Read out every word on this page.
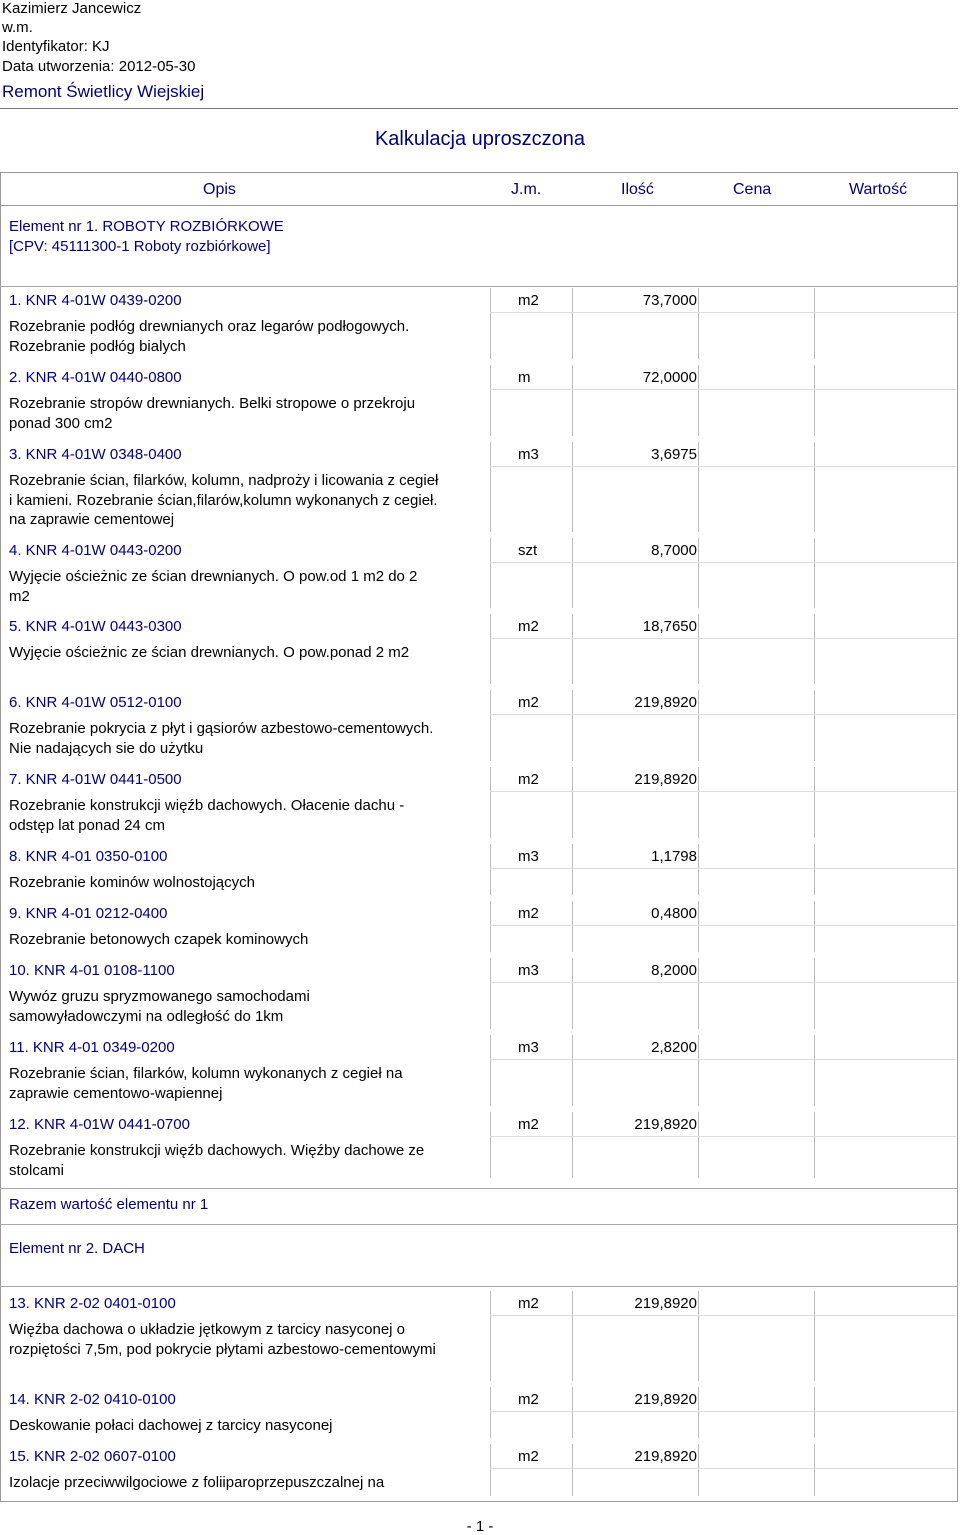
Kazimierz Jancewicz
w.m.
Identyfikator: KJ
Data utworzenia: 2012-05-30
Remont Świetlicy Wiejskiej
Kalkulacja uproszczona
Opis	J.m.	Ilość	Cena	Wartość
Element nr 1. ROBOTY ROZBIÓRKOWE
[CPV: 45111300-1 Roboty rozbiórkowe]
1. KNR 4-01W 0439-0200
Rozebranie podłóg drewnianych oraz legarów podłogowych. Rozebranie podłóg bialych
m2	73,7000
2. KNR 4-01W 0440-0800
Rozebranie stropów drewnianych. Belki stropowe o przekroju ponad 300 cm2
m	72,0000
3. KNR 4-01W 0348-0400
Rozebranie ścian, filarków, kolumn, nadproży i licowania z cegieł i kamieni. Rozebranie ścian,filarów,kolumn wykonanych z cegieł. na zaprawie cementowej
m3	3,6975
4. KNR 4-01W 0443-0200
Wyjęcie ościeżnic ze ścian drewnianych. O pow.od 1 m2 do 2 m2
szt	8,7000
5. KNR 4-01W 0443-0300
Wyjęcie ościeżnic ze ścian drewnianych. O pow.ponad 2 m2
m2	18,7650
6. KNR 4-01W 0512-0100
Rozebranie pokrycia z płyt i gąsiorów azbestowo-cementowych. Nie nadających sie do użytku
m2	219,8920
7. KNR 4-01W 0441-0500
Rozebranie konstrukcji więźb dachowych. Ołacenie dachu - odstęp lat ponad 24 cm
m2	219,8920
8. KNR 4-01 0350-0100
Rozebranie kominów wolnostojących
m3	1,1798
9. KNR 4-01 0212-0400
Rozebranie betonowych czapek kominowych
m2	0,4800
10. KNR 4-01 0108-1100
Wywóz gruzu spryzmowanego samochodami samowyładowczymi na odległość do 1km
m3	8,2000
11. KNR 4-01 0349-0200
Rozebranie ścian, filarków, kolumn wykonanych z cegieł na zaprawie cementowo-wapiennej
m3	2,8200
12. KNR 4-01W 0441-0700
Rozebranie konstrukcji więźb dachowych. Więźby dachowe ze stolcami
m2	219,8920
13. KNR 2-02 0401-0100
Więźba dachowa o układzie jętkowym z tarcicy nasyconej o rozpiętości 7,5m, pod pokrycie płytami azbestowo-cementowymi
m2	219,8920
14. KNR 2-02 0410-0100
Deskowanie połaci dachowej z tarcicy nasyconej
m2	219,8920
15. KNR 2-02 0607-0100
Izolacje przeciwwilgociowe z foliiparoprzepuszczalnej na
m2	219,8920
Razem wartość elementu nr 1
Element nr 2. DACH
- 1 -
